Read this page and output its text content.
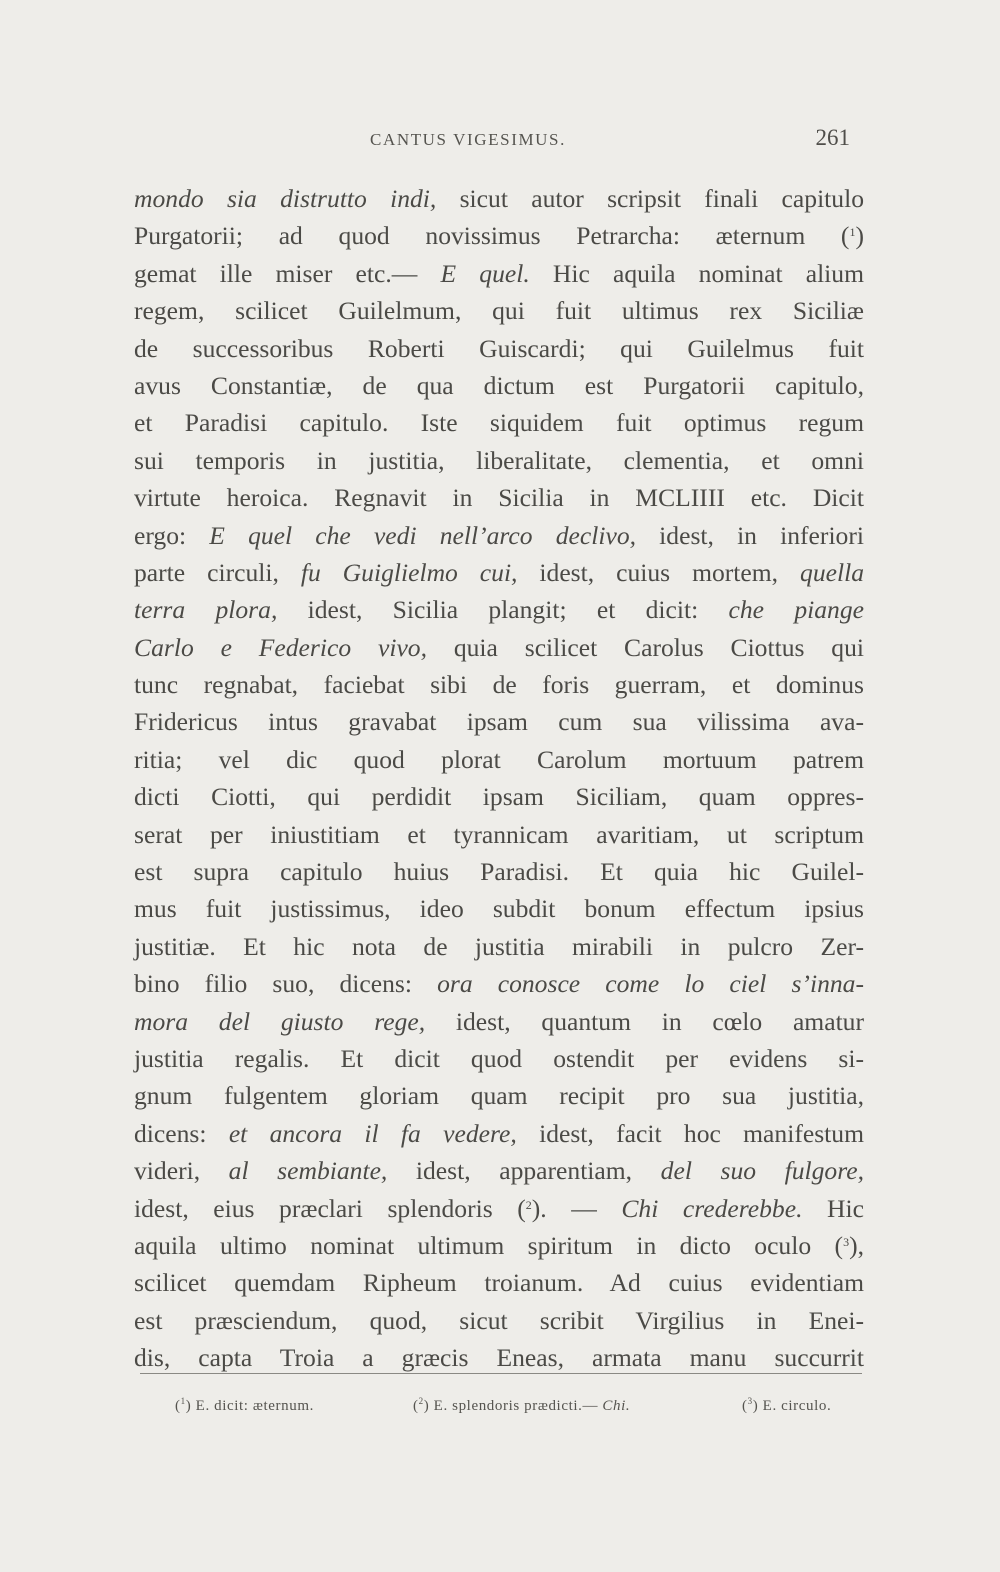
CANTUS VIGESIMUS.	261
mondo sia distrutto indi, sicut autor scripsit finali capitulo
Purgatorii; ad quod novissimus Petrarcha: æternum ($^1$)
gemat ille miser etc.— E quel. Hic aquila nominat alium
regem, scilicet Guilelmum, qui fuit ultimus rex Siciliæ
de successoribus Roberti Guiscardi; qui Guilelmus fuit
avus Constantiæ, de qua dictum est Purgatorii capitulo,
et Paradisi capitulo. Iste siquidem fuit optimus regum
sui temporis in justitia, liberalitate, clementia, et omni
virtute heroica. Regnavit in Sicilia in MCLIIII etc. Dicit
ergo: E quel che vedi nell’arco declivo, idest, in inferiori
parte circuli, fu Guiglielmo cui, idest, cuius mortem, quella
terra plora, idest, Sicilia plangit; et dicit: che piange
Carlo e Federico vivo, quia scilicet Carolus Ciottus qui
tunc regnabat, faciebat sibi de foris guerram, et dominus
Fridericus intus gravabat ipsam cum sua vilissima ava-
ritia; vel dic quod plorat Carolum mortuum patrem
dicti Ciotti, qui perdidit ipsam Siciliam, quam oppres-
serat per iniustitiam et tyrannicam avaritiam, ut scriptum
est supra capitulo huius Paradisi. Et quia hic Guilel-
mus fuit justissimus, ideo subdit bonum effectum ipsius
justitiæ. Et hic nota de justitia mirabili in pulcro Zer-
bino filio suo, dicens: ora conosce come lo ciel s’inna-
mora del giusto rege, idest, quantum in cœlo amatur
justitia regalis. Et dicit quod ostendit per evidens si-
gnum fulgentem gloriam quam recipit pro sua justitia,
dicens: et ancora il fa vedere, idest, facit hoc manifestum
videri, al sembiante, idest, apparentiam, del suo fulgore,
idest, eius præclari splendoris ($^2$). — Chi crederebbe. Hic
aquila ultimo nominat ultimum spiritum in dicto oculo ($^3$),
scilicet quemdam Ripheum troianum. Ad cuius evidentiam
est præsciendum, quod, sicut scribit Virgilius in Enei-
dis, capta Troia a græcis Eneas, armata manu succurrit
($^1$) E. dicit: æternum.	($^2$) E. splendoris prædicti.— Chi.	($^3$) E. circulo.
